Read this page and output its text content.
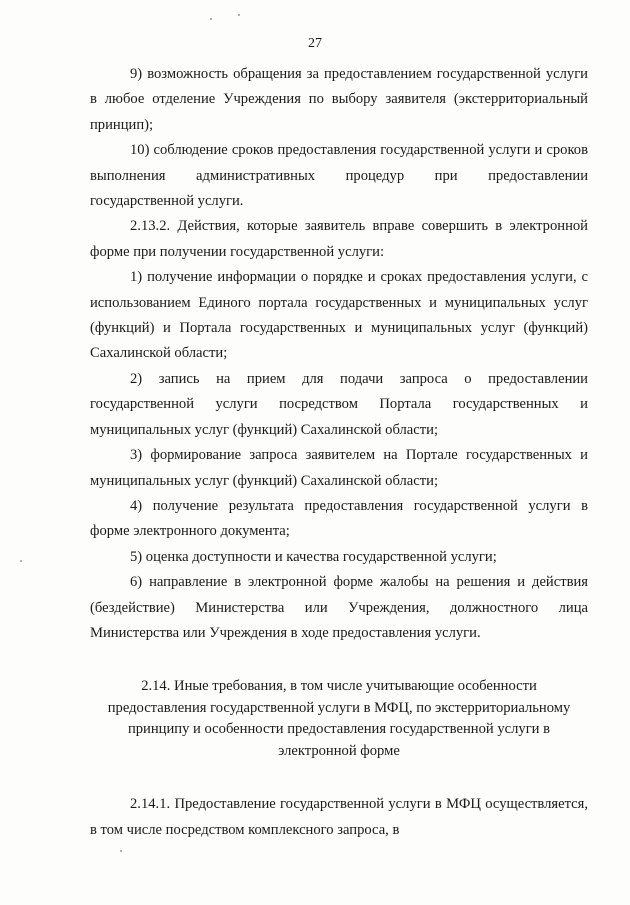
27

9) возможность обращения за предоставлением государственной услуги в любое отделение Учреждения по выбору заявителя (экстерриториальный принцип);

10) соблюдение сроков предоставления государственной услуги и сроков выполнения административных процедур при предоставлении государственной услуги.

2.13.2. Действия, которые заявитель вправе совершить в электронной форме при получении государственной услуги:

1) получение информации о порядке и сроках предоставления услуги, с использованием Единого портала государственных и муниципальных услуг (функций) и Портала государственных и муниципальных услуг (функций) Сахалинской области;

2) запись на прием для подачи запроса о предоставлении государственной услуги посредством Портала государственных и муниципальных услуг (функций) Сахалинской области;

3) формирование запроса заявителем на Портале государственных и муниципальных услуг (функций) Сахалинской области;

4) получение результата предоставления государственной услуги в форме электронного документа;

5) оценка доступности и качества государственной услуги;

6) направление в электронной форме жалобы на решения и действия (бездействие) Министерства или Учреждения, должностного лица Министерства или Учреждения в ходе предоставления услуги.

2.14. Иные требования, в том числе учитывающие особенности предоставления государственной услуги в МФЦ, по экстерриториальному принципу и особенности предоставления государственной услуги в электронной форме

2.14.1. Предоставление государственной услуги в МФЦ осуществляется, в том числе посредством комплексного запроса, в
